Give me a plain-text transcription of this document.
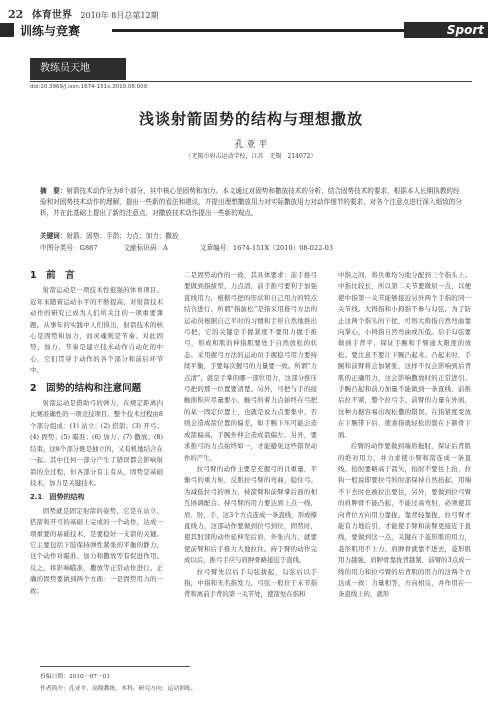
22 体育世界 2010年 8月总第12期
训练与竞赛	Sport
教练员天地
doi:10.3969/j.issn.1674-151x.2010.08.009
浅谈射箭固势的结构与理想撒放
孔 亚 平
（无锡市射击运动学校，江苏　无锡　214072）
摘　要：射箭技术动作分为8个部分，其中核心是固势和加力。本文通过对固势和撒放技术的分析，结合固势技术的要求，根据本人长期执教的经验和对固势技术动作的理解，提出一些新的看法和建议，并提出理想撒放用力对实际撒放用力对动作细节的要求，对各个注意点进行深入细致的分析，并在此基础上提出了新的注意点，对撒放技术动作提出一些新的观点。
关键词：射箭；固势；手指；力点；加力；撒放
中图分类号：G887	文献标识码：A	文章编号：1674-151X（2010）08-022-03
1　前　言

射箭运动是一项技术性很强的体育项目。近年来随着运动水平的不断提高，对射箭技术动作的研究已成为人们所关注的一项重要课题。从事年的实践中人们得出，射箭技术的核心是固势和加力，而灵魂则是节奏。对此固势、加力、节奏是建立技术动作自动化的中心，它们贯穿于动作的各个部分和前后环节中。

2　固势的结构和注意问题

射箭运动是借助弓的弹力，在规定距离内比赛准确性的一项竞技项目。整个技术过程由8个部分组成：(1) 站立；(2) 搭箭；(3) 开弓；(4) 固势；(5) 瞄准；(6) 加力；(7) 撒放；(8) 结束。这8个部分既是独立的，又有机地结合在一起。其中任何一部分产生了错误都会影响射箭的全过程，但各部分有主有从，固势是基础技术，加力是关键技术。

2.1　固势的结构

固势就是固定射箭的姿势，它是在站立、搭箭和开弓的基础上完成的一个动作，达成一项重要的基础技术，是要稳好一支箭的关键。它主要包括下肢保持弹性紧张的平衡的静力，这个动作对瞄准、加力和撒放等有促进作用。反之，将影响瞄准、撒放等正常动作进行。正确的固势要做到两个方面：一是固势用力的一致；

二是固势动作的一致，其具体要求：前手推弓要做到指拔型、力点清，前手推弓要利于加强直线用力，根据弓把的形状和自己用力的特点结合进行。所谓“指拔松”是指采用推弓方法的运动员根据自己平时的习惯和手形自然地推出弓把，它的关键是手握紧度不要用力握手推弓，形成和肌的伸指肌要处于自然放松的状态。采用握弓方法的运动员手握稳弓用力要持续平衡，手要每次握弓的力量要一致。所谓“力点清”，就是手掌的哪一部位用力，这部分推压弓把的那一位置要清楚。另外，弓把与手的接触面积应尽量要小，触弓的着力点始终在弓把的某一固定位置上，也就是说力点要集中，否则会造成箭位置的偏差，如手腕下压可能会造成箭偏高，手腕外伸会造成箭偏左。另外，要求推弓的力点始终如一，才能避免这些错误动作的产生。

拉弓臂的动作主要是充握弓的且重量，平衡弓的重力矩，反肌拉弓臂的弯曲，稳住弓。为减低拉弓的弹力，持箭臂和前臂掌后面的相互协调配合。持弓臂的用力要达到上点一线，肩、肘、手，这3个方点连成一条直线，形成撑直线力，这部动作要做到拉弓到位，固势时，使其肘部的动作延伸至后肩，外张内力，就要使前臂和后手推力大地拉住。持于臂的动作完成以后，推弓手应与肩胛骨略接近于直线。

拉弓臂先以后手勾弦拔起，勾弦后以手指，中指和无名指发力，弓弦一般位于末节指背和离前手背的第一关节处，使箭处在指和

中指之间，将负重均匀地分配到三个指头上。中指比较长，所以第二关节要微屈一点，以便使中指第一关节能够接近另外两个手指的同一关节线。大拇指和小拇指不参与勾弦。为了防止这两个指头的干扰，可将大拇指自然弯曲靠向掌心，小拇指自然弯曲或压低。后手勾弦要做到手背平，保证手腕和手臂通大限度的放松。要注意不要让下腕凸起来。凸起来时，手腕和前臂将会加紧张，这样不仅会影响到后背肌的正确用力，这会影响撒放时的正常进引。手腕凸起和前力加量不能做到一条直线，前推后拉不紧，整个拉弓手、前臂的力量在外面，这种力据容易出现松撒的错误。在指紧度变放在下腕带下后，使食指就轻松的靠在下颌骨下面。

后臂的动作要做到端肩拖肘，保证后背肌的绝对用力，并力求使小臂和箭连成一条直线，抬肘要略高于箭矢，抬肘不要往上抬，拉钩一般说即要拉弓的肘部保持自然抬起，用端不下去时也被拉出要往，另外，要做到拉弓臂的肩胛骨不能凸起，不能过高弯肘，必须使其向背位方向用力靠拢。靠背轻靠拢，拉弓臂才能有力地后引，才能使手臂和前臂更接近于直线，要做到这一点，关键在于菱形肌的用力，菱形肌用不上力，肩胛骨就靠不进去，菱形肌用力越强，肩胛骨靠拢背越紧，前臂的3点成一线的用力和拉弓臂的后背肌的用力的这两个方达成一致：力量相等，方向相反，并作用在一条直线上的，就形

投稿日期：2010－07－01
作者简介：孔亚平，高级教练，本科。研究方向：运动训练。
